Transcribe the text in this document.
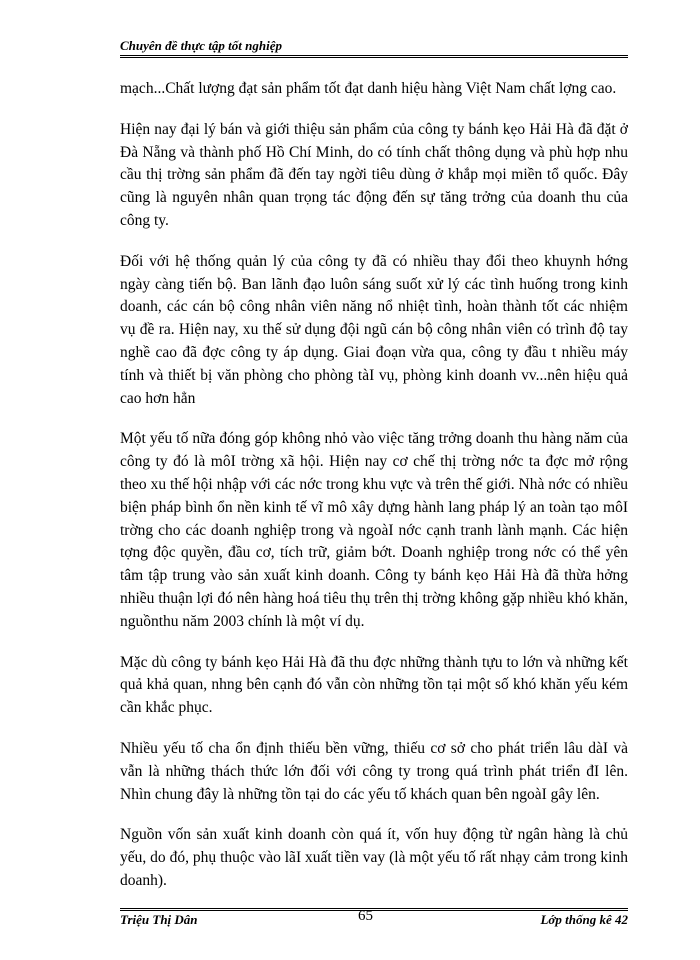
Chuyên đề thực tập tốt nghiệp

mạch...Chất lượng đạt sản phẩm tốt đạt danh hiệu hàng Việt Nam chất lợng cao.

Hiện nay đại lý bán và giới thiệu sản phẩm của công ty bánh kẹo Hải Hà đã đặt ở Đà Nẵng và thành phố Hồ Chí Minh, do có tính chất thông dụng và phù hợp nhu cầu thị trờng sản phẩm đã đến tay ngời tiêu dùng ở khắp mọi miền tổ quốc. Đây cũng là nguyên nhân quan trọng tác động đến sự tăng trởng của doanh thu của công ty.

Đối với hệ thống quản lý của công ty đã có nhiều thay đổi theo khuynh hớng ngày càng tiến bộ. Ban lãnh đạo luôn sáng suốt xử lý các tình huống trong kinh doanh, các cán bộ công nhân viên năng nổ nhiệt tình, hoàn thành tốt các nhiệm vụ đề ra. Hiện nay, xu thế sử dụng đội ngũ cán bộ công nhân viên có trình độ tay nghề cao đã đợc công ty áp dụng. Giai đoạn vừa qua, công ty đầu t nhiều máy tính và thiết bị văn phòng cho phòng tàI vụ, phòng kinh doanh vv...nên hiệu quả cao hơn hẳn

Một yếu tố nữa đóng góp không nhỏ vào việc tăng trởng doanh thu hàng năm của công ty đó là môI trờng xã hội. Hiện nay cơ chế thị trờng nớc ta đợc mở rộng theo xu thế hội nhập với các nớc trong khu vực và trên thế giới. Nhà nớc có nhiều biện pháp bình ổn nền kinh tế vĩ mô xây dựng hành lang pháp lý an toàn tạo môI trờng cho các doanh nghiệp trong và ngoàI nớc cạnh tranh lành mạnh. Các hiện tợng độc quyền, đầu cơ, tích trữ, giảm bớt. Doanh nghiệp trong nớc có thể yên tâm tập trung vào sản xuất kinh doanh. Công ty bánh kẹo Hải Hà đã thừa hởng nhiều thuận lợi đó nên hàng hoá tiêu thụ trên thị trờng không gặp nhiều khó khăn, nguồnthu năm 2003 chính là một ví dụ.

Mặc dù công ty bánh kẹo Hải Hà đã thu đợc những thành tựu to lớn và những kết quả khả quan, nhng bên cạnh đó vẫn còn những tồn tại một số khó khăn yếu kém cần khắc phục.

Nhiều yếu tố cha ổn định thiếu bền vững, thiếu cơ sở cho phát triển lâu dàI và vẫn là những thách thức lớn đối với công ty trong quá trình phát triển đI lên. Nhìn chung đây là những tồn tại do các yếu tố khách quan bên ngoàI gây lên.

Nguồn vốn sản xuất kinh doanh còn quá ít, vốn huy động từ ngân hàng là chủ yếu, do đó, phụ thuộc vào lãI xuất tiền vay (là một yếu tố rất nhạy cảm trong kinh doanh).

Triệu Thị Dân	65	Lớp thống kê 42
